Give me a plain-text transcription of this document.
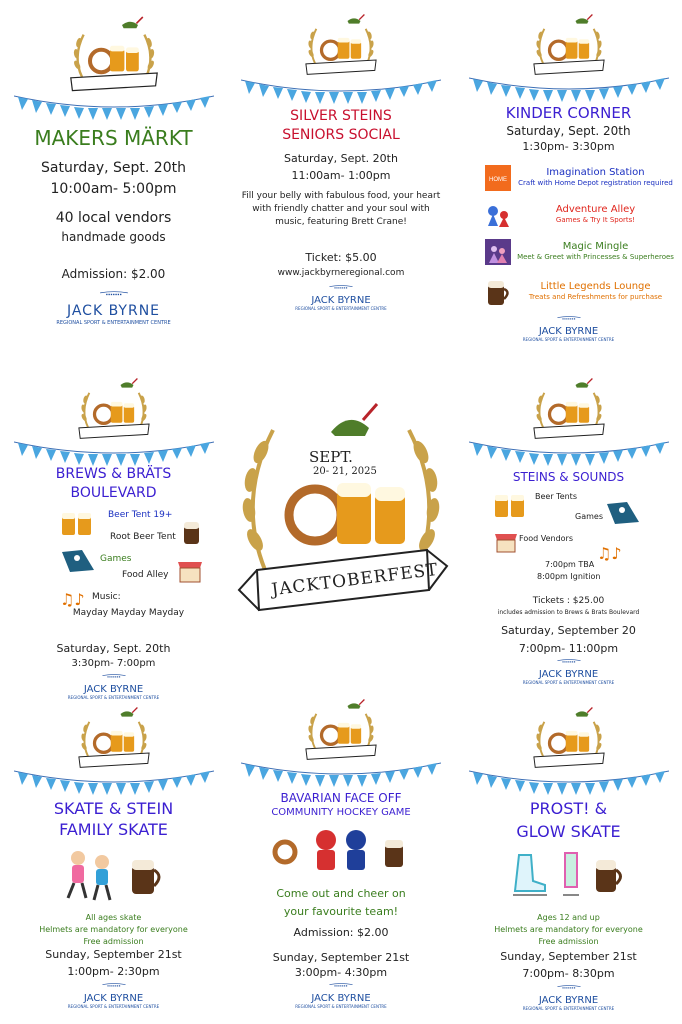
MAKERS MÄRKT

Saturday, Sept. 20th

10:00am- 5:00pm

40 local vendors

handmade goods

Admission: $2.00

JACK BYRNE

REGIONAL SPORT & ENTERTAINMENT CENTRE

SILVER STEINS

SENIORS SOCIAL

Saturday, Sept. 20th

11:00am- 1:00pm

Fill your belly with fabulous food, your heart with friendly chatter and your soul with music, featuring Brett Crane!

Ticket: $5.00

www.jackbyrneregional.com

JACK BYRNE

REGIONAL SPORT & ENTERTAINMENT CENTRE

KINDER CORNER

Saturday, Sept. 20th

1:30pm- 3:30pm

HOME

Imagination Station

Craft with Home Depot registration required

Adventure Alley

Games & Try It Sports!

Magic Mingle

Meet & Greet with Princesses & Superheroes

Little Legends Lounge

Treats and Refreshments for purchase

JACK BYRNE

REGIONAL SPORT & ENTERTAINMENT CENTRE

BREWS & BRÄTS

BOULEVARD

Beer Tent 19+
Root Beer Tent
Games
Food Alley
♫♪ Music:

Mayday Mayday Mayday

Saturday, Sept. 20th

3:30pm- 7:00pm

JACK BYRNE

REGIONAL SPORT & ENTERTAINMENT CENTRE

SEPT.

20- 21, 2025

JACKTOBERFEST

STEINS & SOUNDS

Beer Tents
Games
Food Vendors
♫♪
7:00pm TBA
8:00pm Ignition

Tickets : $25.00

includes admission to Brews & Brats Boulevard

Saturday, September 20

7:00pm- 11:00pm

JACK BYRNE

REGIONAL SPORT & ENTERTAINMENT CENTRE

SKATE & STEIN

FAMILY SKATE

All ages skate

Helmets are mandatory for everyone

Free admission

Sunday, September 21st

1:00pm- 2:30pm

JACK BYRNE

REGIONAL SPORT & ENTERTAINMENT CENTRE

BAVARIAN FACE OFF

COMMUNITY HOCKEY GAME

Come out and cheer on

your favourite team!

Admission: $2.00

Sunday, September 21st

3:00pm- 4:30pm

JACK BYRNE

REGIONAL SPORT & ENTERTAINMENT CENTRE

PROST! &

GLOW SKATE

Ages 12 and up

Helmets are mandatory for everyone

Free admission

Sunday, September 21st

7:00pm- 8:30pm

JACK BYRNE

REGIONAL SPORT & ENTERTAINMENT CENTRE
